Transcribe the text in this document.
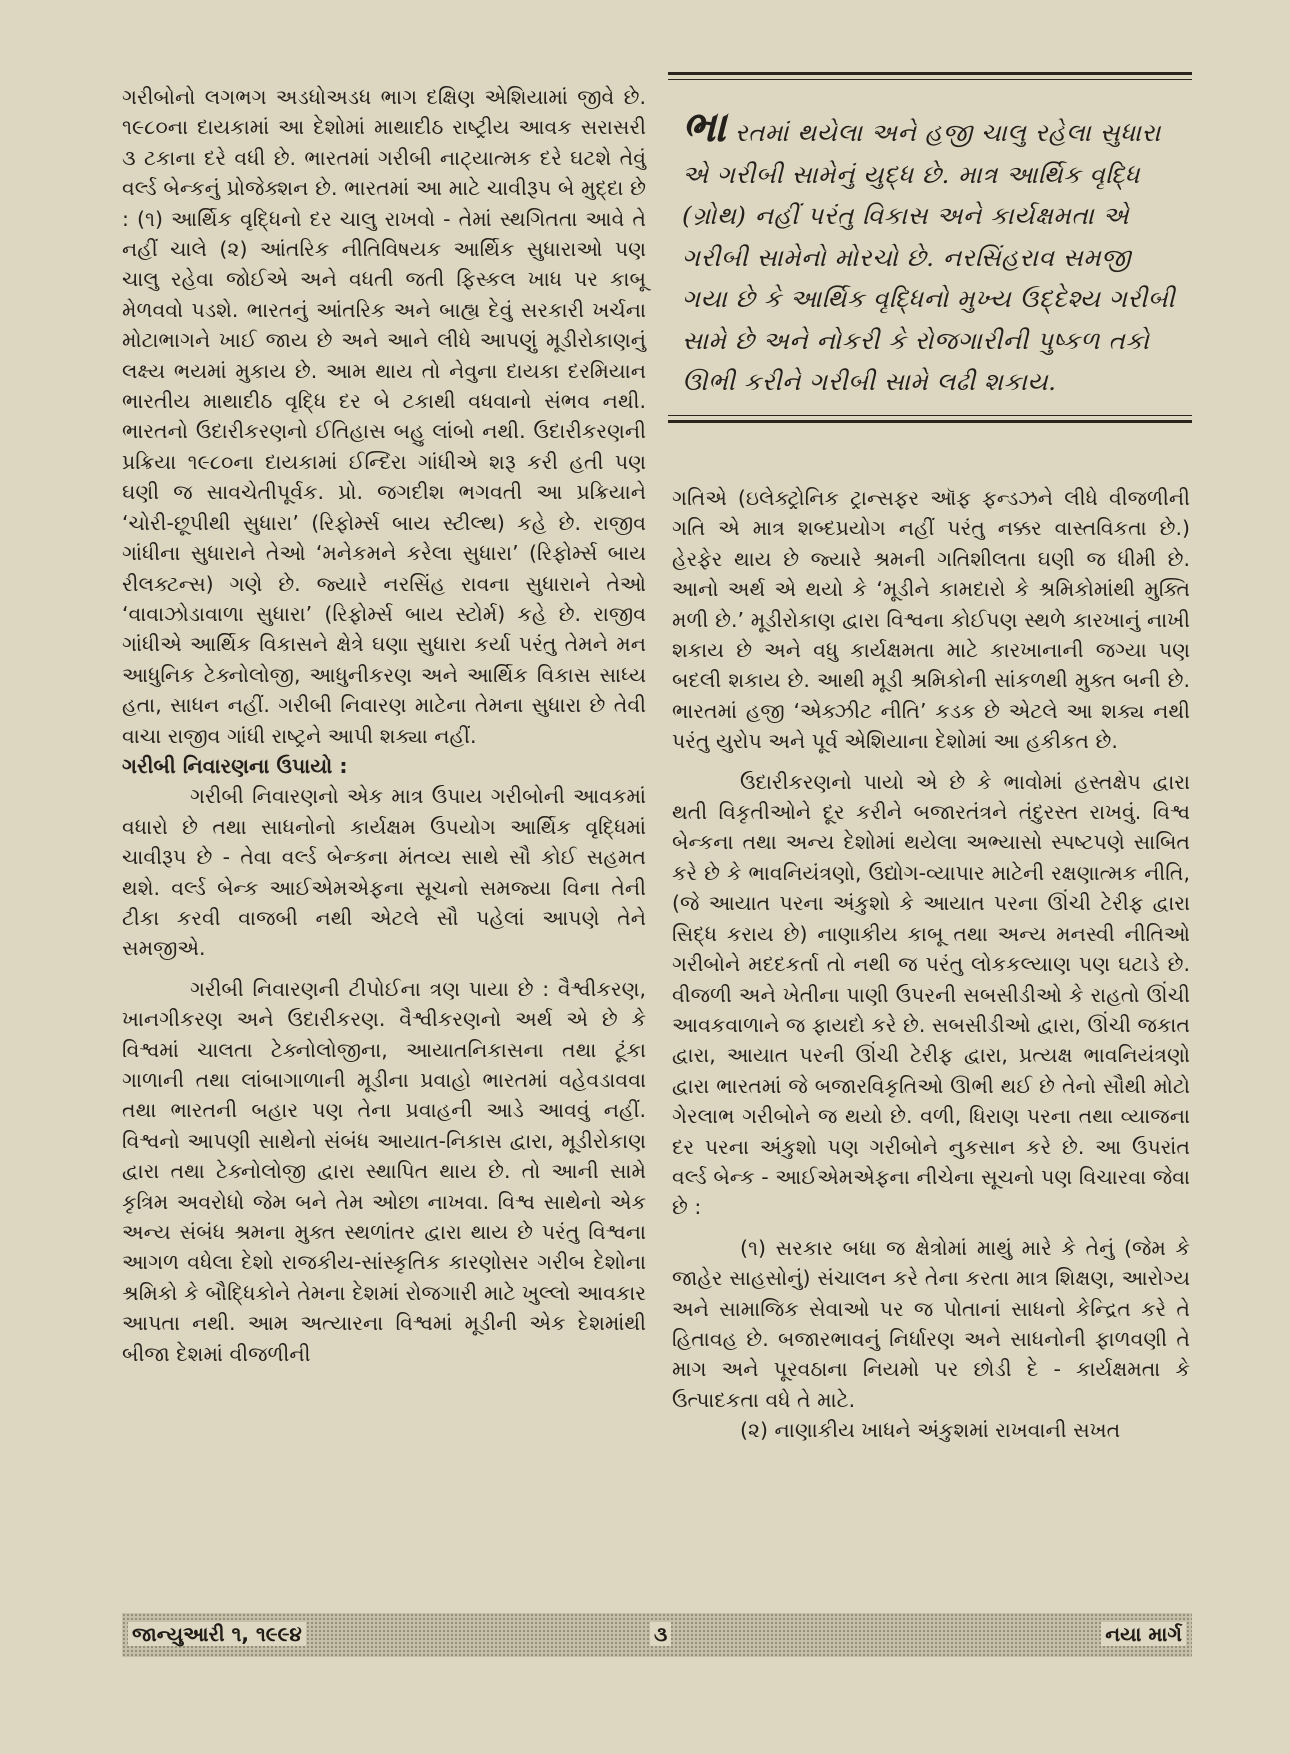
ગરીબોનો લગભગ અડધોઅડધ ભાગ દક્ષિણ એશિયામાં જીવે છે. ૧૯૮૦ના દાયકામાં આ દેશોમાં માથાદીઠ રાષ્ટ્રીય આવક સરાસરી ૩ ટકાના દરે વધી છે. ભારતમાં ગરીબી નાટ્યાત્મક દરે ઘટશે તેવું વર્લ્ડ બેન્કનું પ્રોજેક્શન છે. ભારતમાં આ માટે ચાવીરૂપ બે મુદ્દા છે : (૧) આર્થિક વૃદ્ધિનો દર ચાલુ રાખવો - તેમાં સ્થગિતતા આવે તે નહીં ચાલે (૨) આંતરિક નીતિવિષયક આર્થિક સુધારાઓ પણ ચાલુ રહેવા જોઈએ અને વધતી જતી ફિસ્કલ ખાધ પર કાબૂ મેળવવો પડશે. ભારતનું આંતરિક અને બાહ્ય દેવું સરકારી ખર્ચના મોટાભાગને ખાઈ જાય છે અને આને લીધે આપણું મૂડીરોકાણનું લક્ષ્ય ભયમાં મુકાય છે. આમ થાય તો નેવુના દાયકા દરમિયાન ભારતીય માથાદીઠ વૃદ્ધિ દર બે ટકાથી વધવાનો સંભવ નથી. ભારતનો ઉદારીકરણનો ઈતિહાસ બહુ લાંબો નથી. ઉદારીકરણની પ્રક્રિયા ૧૯૮૦ના દાયકામાં ઈન્દિરા ગાંધીએ શરૂ કરી હતી પણ ઘણી જ સાવચેતીપૂર્વક. પ્રો. જગદીશ ભગવતી આ પ્રક્રિયાને ‘ચોરી-છૂપીથી સુધારા’ (રિફોર્મ્સ બાય સ્ટીલ્થ) કહે છે. રાજીવ ગાંધીના સુધારાને તેઓ ‘મનેકમને કરેલા સુધારા’ (રિફોર્મ્સ બાય રીલક્ટન્સ) ગણે છે. જ્યારે નરસિંહ રાવના સુધારાને તેઓ ‘વાવાઝોડાવાળા સુધારા’ (રિફોર્મ્સ બાય સ્ટોર્મ) કહે છે. રાજીવ ગાંધીએ આર્થિક વિકાસને ક્ષેત્રે ઘણા સુધારા કર્યા પરંતુ તેમને મન આધુનિક ટેક્નોલોજી, આધુનીકરણ અને આર્થિક વિકાસ સાધ્ય હતા, સાધન નહીં. ગરીબી નિવારણ માટેના તેમના સુધારા છે તેવી વાચા રાજીવ ગાંધી રાષ્ટ્રને આપી શક્યા નહીં.

ગરીબી નિવારણના ઉપાયો :

ગરીબી નિવારણનો એક માત્ર ઉપાય ગરીબોની આવકમાં વધારો છે તથા સાધનોનો કાર્યક્ષમ ઉપયોગ આર્થિક વૃદ્ધિમાં ચાવીરૂપ છે - તેવા વર્લ્ડ બેન્કના મંતવ્ય સાથે સૌ કોઈ સહમત થશે. વર્લ્ડ બેન્ક આઈએમએફના સૂચનો સમજ્યા વિના તેની ટીકા કરવી વાજબી નથી એટલે સૌ પહેલાં આપણે તેને સમજીએ.

ગરીબી નિવારણની ટીપોઈના ત્રણ પાયા છે : વૈશ્વીકરણ, ખાનગીકરણ અને ઉદારીકરણ. વૈશ્વીકરણનો અર્થ એ છે કે વિશ્વમાં ચાલતા ટેક્નોલોજીના, આયાતનિકાસના તથા ટૂંકા ગાળાની તથા લાંબાગાળાની મૂડીના પ્રવાહો ભારતમાં વહેવડાવવા તથા ભારતની બહાર પણ તેના પ્રવાહની આડે આવવું નહીં. વિશ્વનો આપણી સાથેનો સંબંધ આયાત-નિકાસ દ્વારા, મૂડીરોકાણ દ્વારા તથા ટેક્નોલોજી દ્વારા સ્થાપિત થાય છે. તો આની સામે કૃત્રિમ અવરોધો જેમ બને તેમ ઓછા નાખવા. વિશ્વ સાથેનો એક અન્ય સંબંધ શ્રમના મુક્ત સ્થળાંતર દ્વારા થાય છે પરંતુ વિશ્વના આગળ વધેલા દેશો રાજકીય-સાંસ્કૃતિક કારણોસર ગરીબ દેશોના શ્રમિકો કે બૌદ્ધિકોને તેમના દેશમાં રોજગારી માટે ખુલ્લો આવકાર આપતા નથી. આમ અત્યારના વિશ્વમાં મૂડીની એક દેશમાંથી બીજા દેશમાં વીજળીની

ભા રતમાં થયેલા અને હજી ચાલુ રહેલા સુધારા એ ગરીબી સામેનું યુદ્ધ છે. માત્ર આર્થિક વૃદ્ધિ (ગ્રોથ) નહીં પરંતુ વિકાસ અને કાર્યક્ષમતા એ ગરીબી સામેનો મોરચો છે. નરસિંહરાવ સમજી ગયા છે કે આર્થિક વૃદ્ધિનો મુખ્ય ઉદ્દેશ્ય ગરીબી સામે છે અને નોકરી કે રોજગારીની પુષ્કળ તકો ઊભી કરીને ગરીબી સામે લઢી શકાય.

ગતિએ (ઇલેક્ટ્રોનિક ટ્રાન્સફર ઑફ ફન્ડઝને લીધે વીજળીની ગતિ એ માત્ર શબ્દપ્રયોગ નહીં પરંતુ નક્કર વાસ્તવિકતા છે.) હેરફેર થાય છે જ્યારે શ્રમની ગતિશીલતા ઘણી જ ધીમી છે. આનો અર્થ એ થયો કે ‘મૂડીને કામદારો કે શ્રમિકોમાંથી મુક્તિ મળી છે.’ મૂડીરોકાણ દ્વારા વિશ્વના કોઈપણ સ્થળે કારખાનું નાખી શકાય છે અને વધુ કાર્યક્ષમતા માટે કારખાનાની જગ્યા પણ બદલી શકાય છે. આથી મૂડી શ્રમિકોની સાંકળથી મુક્ત બની છે. ભારતમાં હજી ‘એક્ઝીટ નીતિ’ કડક છે એટલે આ શક્ય નથી પરંતુ યુરોપ અને પૂર્વ એશિયાના દેશોમાં આ હકીકત છે.

ઉદારીકરણનો પાયો એ છે કે ભાવોમાં હસ્તક્ષેપ દ્વારા થતી વિકૃતીઓને દૂર કરીને બજારતંત્રને તંદુરસ્ત રાખવું. વિશ્વ બેન્કના તથા અન્ય દેશોમાં થયેલા અભ્યાસો સ્પષ્ટપણે સાબિત કરે છે કે ભાવનિયંત્રણો, ઉદ્યોગ-વ્યાપાર માટેની રક્ષણાત્મક નીતિ, (જે આયાત પરના અંકુશો કે આયાત પરના ઊંચી ટેરીફ દ્વારા સિદ્ધ કરાય છે) નાણાકીય કાબૂ તથા અન્ય મનસ્વી નીતિઓ ગરીબોને મદદકર્તા તો નથી જ પરંતુ લોકકલ્યાણ પણ ઘટાડે છે. વીજળી અને ખેતીના પાણી ઉપરની સબસીડીઓ કે રાહતો ઊંચી આવકવાળાને જ ફાયદો કરે છે. સબસીડીઓ દ્વારા, ઊંચી જકાત દ્વારા, આયાત પરની ઊંચી ટેરીફ દ્વારા, પ્રત્યક્ષ ભાવનિયંત્રણો દ્વારા ભારતમાં જે બજારવિકૃતિઓ ઊભી થઈ છે તેનો સૌથી મોટો ગેરલાભ ગરીબોને જ થયો છે. વળી, ધિરાણ પરના તથા વ્યાજના દર પરના અંકુશો પણ ગરીબોને નુકસાન કરે છે. આ ઉપરાંત વર્લ્ડ બેન્ક - આઈએમએફના નીચેના સૂચનો પણ વિચારવા જેવા છે :

(૧) સરકાર બધા જ ક્ષેત્રોમાં માથું મારે કે તેનું (જેમ કે જાહેર સાહસોનું) સંચાલન કરે તેના કરતા માત્ર શિક્ષણ, આરોગ્ય અને સામાજિક સેવાઓ પર જ પોતાનાં સાધનો કેન્દ્રિત કરે તે હિતાવહ છે. બજારભાવનું નિર્ધારણ અને સાધનોની ફાળવણી તે માગ અને પૂરવઠાના નિયમો પર છોડી દે - કાર્યક્ષમતા કે ઉત્પાદકતા વધે તે માટે.

(૨) નાણાકીય ખાધને અંકુશમાં રાખવાની સખત

જાન્યુઆરી ૧, ૧૯૯૪	૩	નયા માર્ગ
